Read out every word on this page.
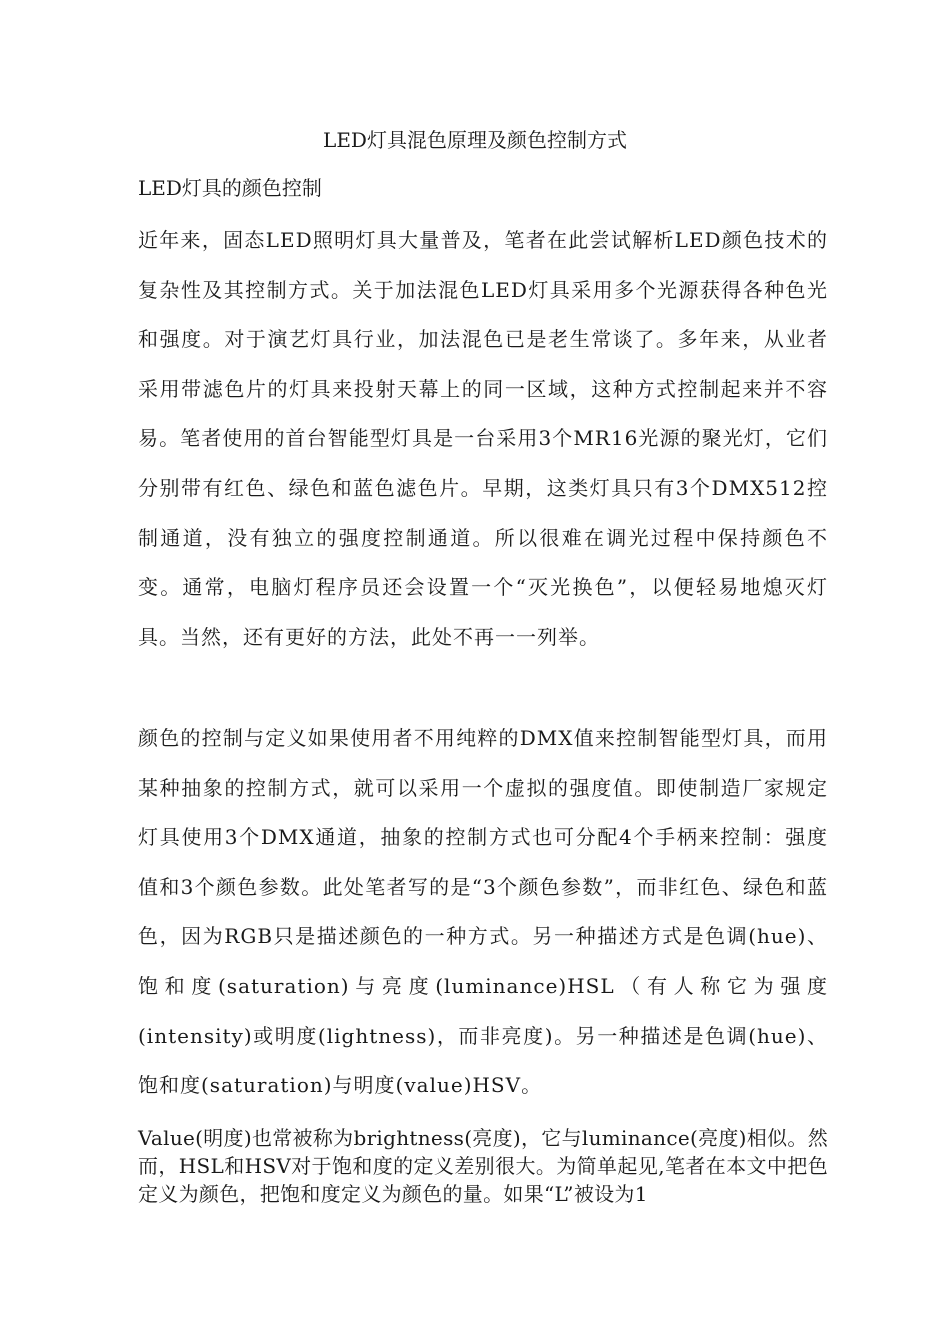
LED灯具混色原理及颜色控制方式
LED灯具的颜色控制

近年来，固态LED照明灯具大量普及，笔者在此尝试解析LED颜色技术的复杂性及其控制方式。关于加法混色LED灯具采用多个光源获得各种色光和强度。对于演艺灯具行业，加法混色已是老生常谈了。多年来，从业者采用带滤色片的灯具来投射天幕上的同一区域，这种方式控制起来并不容易。笔者使用的首台智能型灯具是一台采用3个MR16光源的聚光灯，它们分别带有红色、绿色和蓝色滤色片。早期，这类灯具只有3个DMX512控制通道，没有独立的强度控制通道。所以很难在调光过程中保持颜色不变。通常，电脑灯程序员还会设置一个“灭光换色”，以便轻易地熄灭灯具。当然，还有更好的方法，此处不再一一列举。

颜色的控制与定义如果使用者不用纯粹的DMX值来控制智能型灯具，而用某种抽象的控制方式，就可以采用一个虚拟的强度值。即使制造厂家规定灯具使用3个DMX通道，抽象的控制方式也可分配4个手柄来控制：强度值和3个颜色参数。此处笔者写的是“3个颜色参数”，而非红色、绿色和蓝色，因为RGB只是描述颜色的一种方式。另一种描述方式是色调(hue)、饱和度(saturation)与亮度(luminance)HSL（有人称它为强度(intensity)或明度(lightness)，而非亮度)。另一种描述是色调(hue)、饱和度(saturation)与明度(value)HSV。

Value(明度)也常被称为brightness(亮度)，它与luminance(亮度)相似。然而，HSL和HSV对于饱和度的定义差别很大。为简单起见,笔者在本文中把色定义为颜色，把饱和度定义为颜色的量。如果“L”被设为1
